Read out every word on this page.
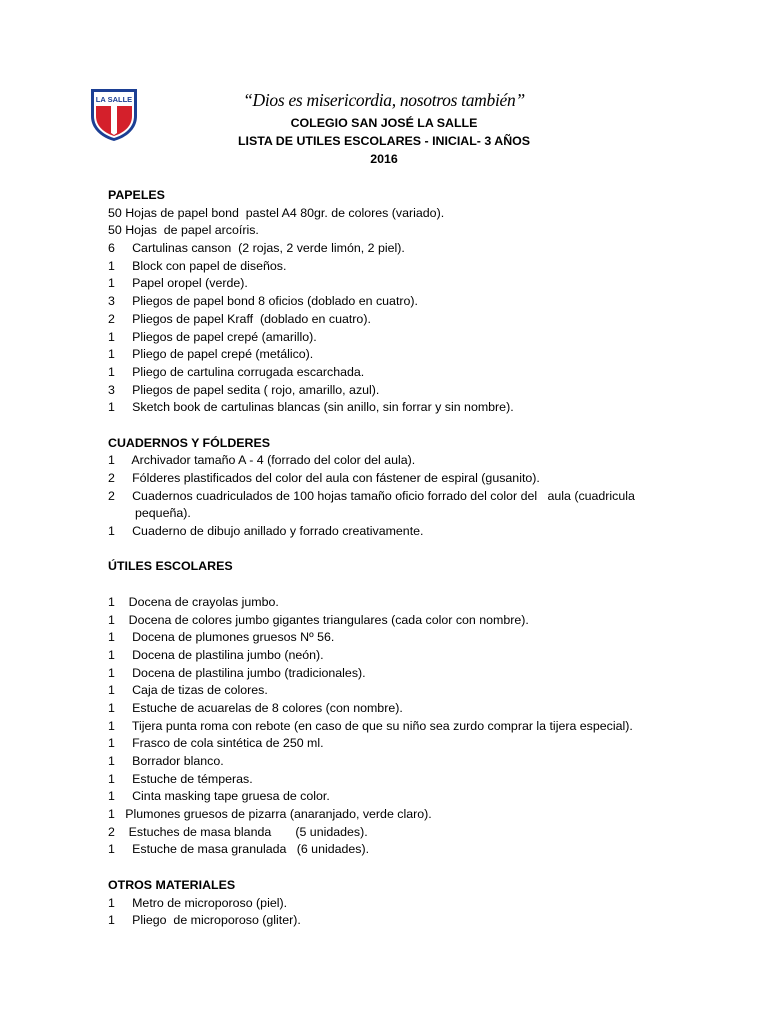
LA SALLE	“Dios es misericordia, nosotros también”
COLEGIO SAN JOSÉ LA SALLE
LISTA DE UTILES ESCOLARES - INICIAL- 3 AÑOS
2016
PAPELES
50 Hojas de papel bond  pastel A4 80gr. de colores (variado).
50 Hojas  de papel arcoíris.
6     Cartulinas canson  (2 rojas, 2 verde limón, 2 piel).
1     Block con papel de diseños.
1     Papel oropel (verde).
3     Pliegos de papel bond 8 oficios (doblado en cuatro).
2     Pliegos de papel Kraff  (doblado en cuatro).
1     Pliegos de papel crepé (amarillo).
1     Pliego de papel crepé (metálico).
1     Pliego de cartulina corrugada escarchada.
3     Pliegos de papel sedita ( rojo, amarillo, azul).
1     Sketch book de cartulinas blancas (sin anillo, sin forrar y sin nombre).
CUADERNOS Y FÓLDERES
1     Archivador tamaño A - 4 (forrado del color del aula).
2     Fólderes plastificados del color del aula con fástener de espiral (gusanito).
2     Cuadernos cuadriculados de 100 hojas tamaño oficio forrado del color del   aula (cuadricula
pequeña).
1     Cuaderno de dibujo anillado y forrado creativamente.
ÚTILES ESCOLARES
1    Docena de crayolas jumbo.
1    Docena de colores jumbo gigantes triangulares (cada color con nombre).
1     Docena de plumones gruesos Nº 56.
1     Docena de plastilina jumbo (neón).
1     Docena de plastilina jumbo (tradicionales).
1     Caja de tizas de colores.
1     Estuche de acuarelas de 8 colores (con nombre).
1     Tijera punta roma con rebote (en caso de que su niño sea zurdo comprar la tijera especial).
1     Frasco de cola sintética de 250 ml.
1     Borrador blanco.
1     Estuche de témperas.
1     Cinta masking tape gruesa de color.
1   Plumones gruesos de pizarra (anaranjado, verde claro).
2    Estuches de masa blanda       (5 unidades).
1     Estuche de masa granulada   (6 unidades).
OTROS MATERIALES
1     Metro de microporoso (piel).
1     Pliego  de microporoso (gliter).
